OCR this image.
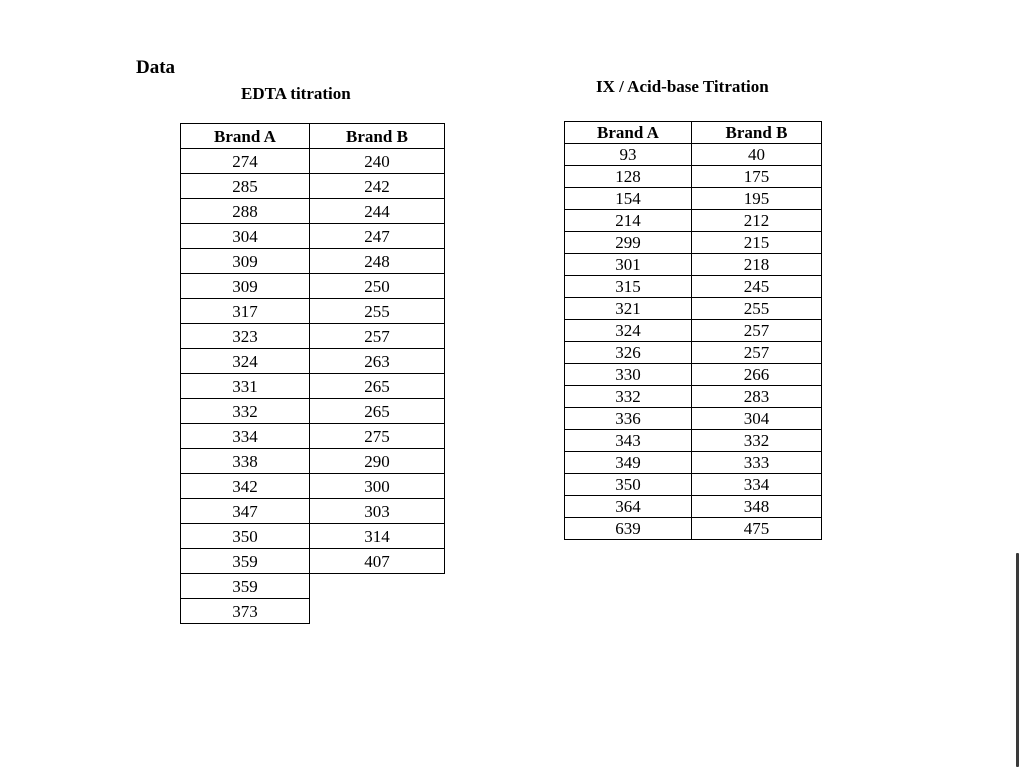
Data
EDTA titration
Brand A	Brand B
274	240
285	242
288	244
304	247
309	248
309	250
317	255
323	257
324	263
331	265
332	265
334	275
338	290
342	300
347	303
350	314
359	407
359	
373	
IX / Acid-base Titration
Brand A	Brand B
93	40
128	175
154	195
214	212
299	215
301	218
315	245
321	255
324	257
326	257
330	266
332	283
336	304
343	332
349	333
350	334
364	348
639	475
